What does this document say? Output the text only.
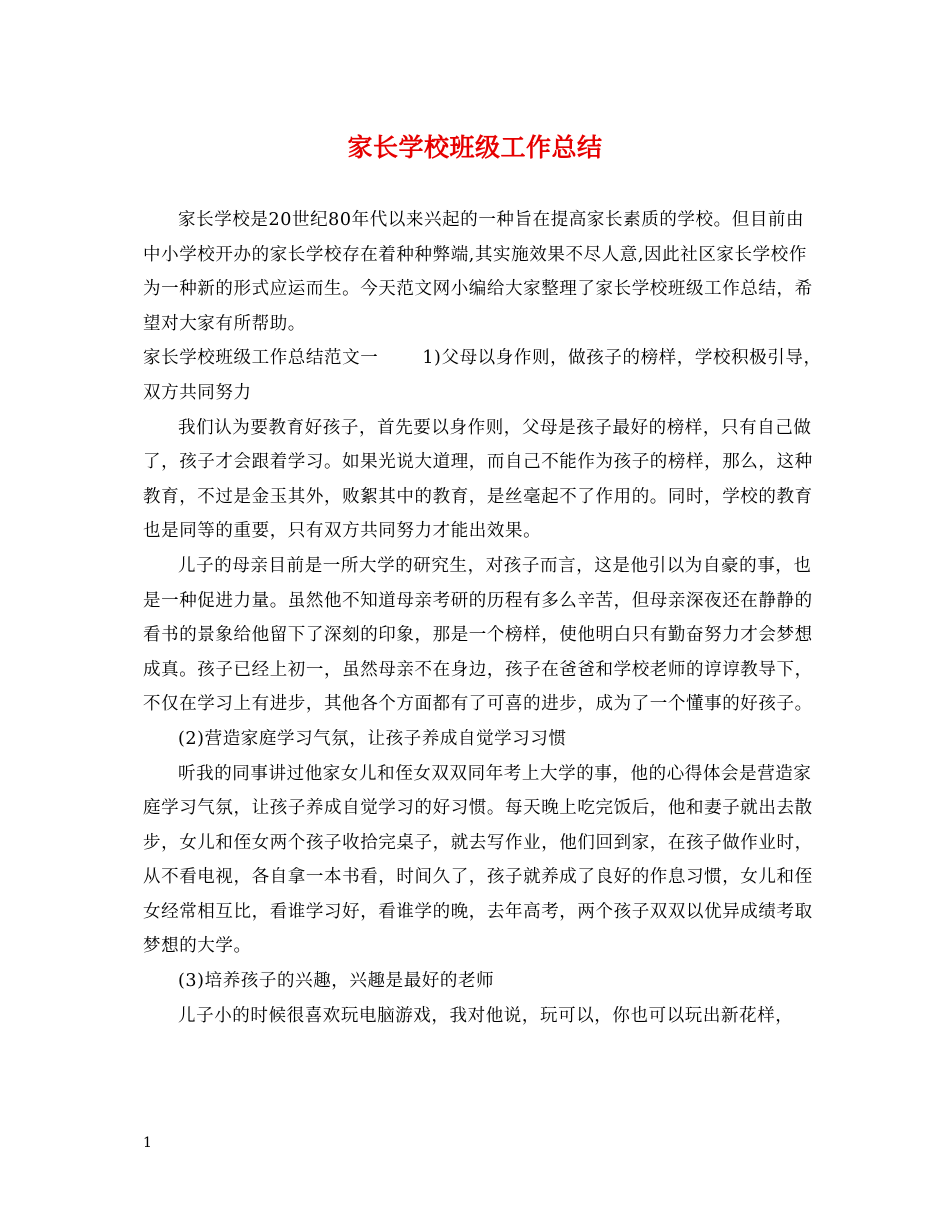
家长学校班级工作总结

家长学校是20世纪80年代以来兴起的一种旨在提高家长素质的学校。但目前由中小学校开办的家长学校存在着种种弊端,其实施效果不尽人意,因此社区家长学校作为一种新的形式应运而生。今天范文网小编给大家整理了家长学校班级工作总结，希望对大家有所帮助。

家长学校班级工作总结范文一	1)父母以身作则，做孩子的榜样，学校积极引导，

双方共同努力

我们认为要教育好孩子，首先要以身作则，父母是孩子最好的榜样，只有自己做了，孩子才会跟着学习。如果光说大道理，而自己不能作为孩子的榜样，那么，这种教育，不过是金玉其外，败絮其中的教育，是丝毫起不了作用的。同时，学校的教育也是同等的重要，只有双方共同努力才能出效果。

儿子的母亲目前是一所大学的研究生，对孩子而言，这是他引以为自豪的事，也是一种促进力量。虽然他不知道母亲考研的历程有多么辛苦，但母亲深夜还在静静的看书的景象给他留下了深刻的印象，那是一个榜样，使他明白只有勤奋努力才会梦想成真。孩子已经上初一，虽然母亲不在身边，孩子在爸爸和学校老师的谆谆教导下，不仅在学习上有进步，其他各个方面都有了可喜的进步，成为了一个懂事的好孩子。

(2)营造家庭学习气氛，让孩子养成自觉学习习惯

听我的同事讲过他家女儿和侄女双双同年考上大学的事，他的心得体会是营造家庭学习气氛，让孩子养成自觉学习的好习惯。每天晚上吃完饭后，他和妻子就出去散步，女儿和侄女两个孩子收拾完桌子，就去写作业，他们回到家，在孩子做作业时，从不看电视，各自拿一本书看，时间久了，孩子就养成了良好的作息习惯，女儿和侄女经常相互比，看谁学习好，看谁学的晚，去年高考，两个孩子双双以优异成绩考取梦想的大学。

(3)培养孩子的兴趣，兴趣是最好的老师

儿子小的时候很喜欢玩电脑游戏，我对他说，玩可以，你也可以玩出新花样，

1
